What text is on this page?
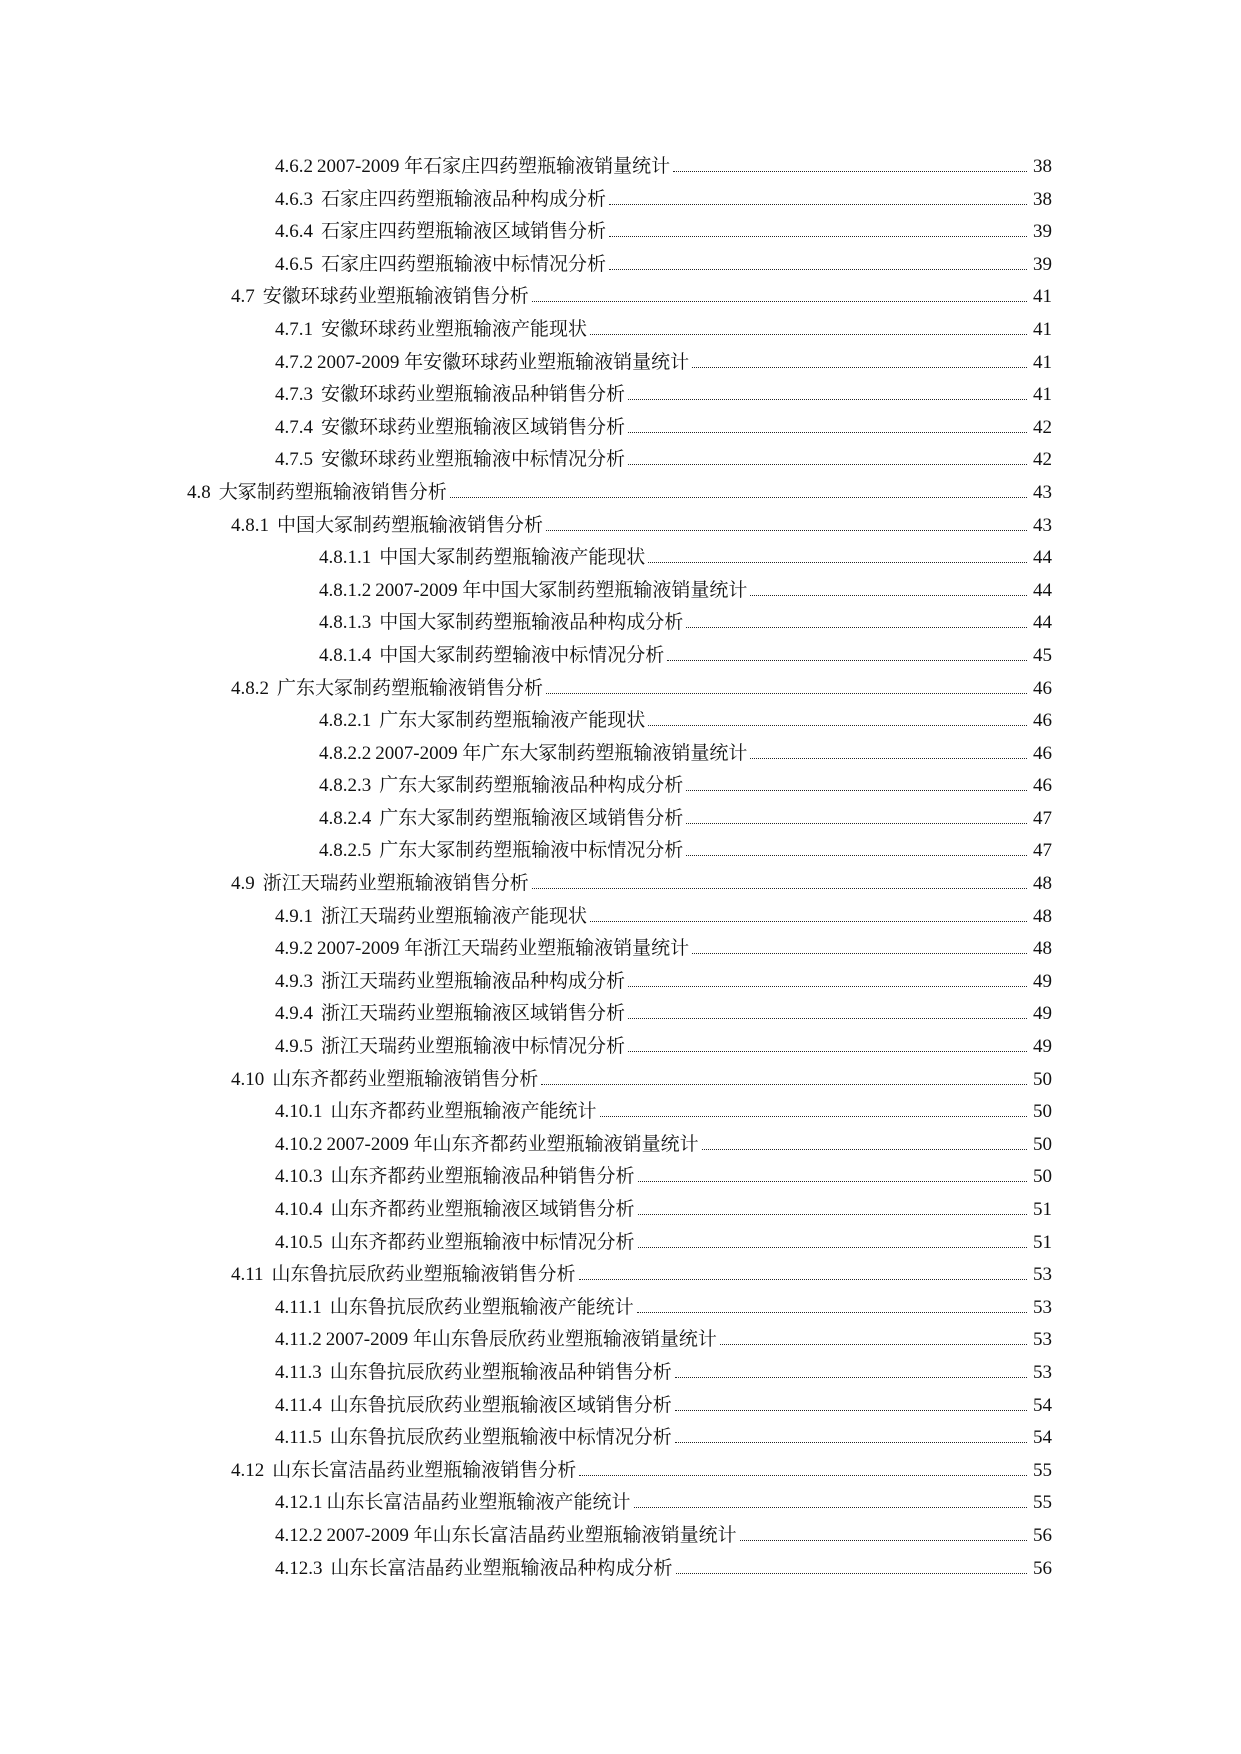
4.6.2 2007-2009 年石家庄四药塑瓶输液销量统计	38
4.6.3 石家庄四药塑瓶输液品种构成分析	38
4.6.4 石家庄四药塑瓶输液区域销售分析	39
4.6.5 石家庄四药塑瓶输液中标情况分析	39
4.7 安徽环球药业塑瓶输液销售分析	41
4.7.1 安徽环球药业塑瓶输液产能现状	41
4.7.2 2007-2009 年安徽环球药业塑瓶输液销量统计	41
4.7.3 安徽环球药业塑瓶输液品种销售分析	41
4.7.4 安徽环球药业塑瓶输液区域销售分析	42
4.7.5 安徽环球药业塑瓶输液中标情况分析	42
4.8 大冢制药塑瓶输液销售分析	43
4.8.1 中国大冢制药塑瓶输液销售分析	43
4.8.1.1 中国大冢制药塑瓶输液产能现状	44
4.8.1.2 2007-2009 年中国大冢制药塑瓶输液销量统计	44
4.8.1.3 中国大冢制药塑瓶输液品种构成分析	44
4.8.1.4 中国大冢制药塑输液中标情况分析	45
4.8.2 广东大冢制药塑瓶输液销售分析	46
4.8.2.1 广东大冢制药塑瓶输液产能现状	46
4.8.2.2 2007-2009 年广东大冢制药塑瓶输液销量统计	46
4.8.2.3 广东大冢制药塑瓶输液品种构成分析	46
4.8.2.4 广东大冢制药塑瓶输液区域销售分析	47
4.8.2.5 广东大冢制药塑瓶输液中标情况分析	47
4.9 浙江天瑞药业塑瓶输液销售分析	48
4.9.1 浙江天瑞药业塑瓶输液产能现状	48
4.9.2 2007-2009 年浙江天瑞药业塑瓶输液销量统计	48
4.9.3 浙江天瑞药业塑瓶输液品种构成分析	49
4.9.4 浙江天瑞药业塑瓶输液区域销售分析	49
4.9.5 浙江天瑞药业塑瓶输液中标情况分析	49
4.10 山东齐都药业塑瓶输液销售分析	50
4.10.1 山东齐都药业塑瓶输液产能统计	50
4.10.2 2007-2009 年山东齐都药业塑瓶输液销量统计	50
4.10.3 山东齐都药业塑瓶输液品种销售分析	50
4.10.4 山东齐都药业塑瓶输液区域销售分析	51
4.10.5 山东齐都药业塑瓶输液中标情况分析	51
4.11 山东鲁抗辰欣药业塑瓶输液销售分析	53
4.11.1 山东鲁抗辰欣药业塑瓶输液产能统计	53
4.11.2 2007-2009 年山东鲁辰欣药业塑瓶输液销量统计	53
4.11.3 山东鲁抗辰欣药业塑瓶输液品种销售分析	53
4.11.4 山东鲁抗辰欣药业塑瓶输液区域销售分析	54
4.11.5 山东鲁抗辰欣药业塑瓶输液中标情况分析	54
4.12 山东长富洁晶药业塑瓶输液销售分析	55
4.12.1 山东长富洁晶药业塑瓶输液产能统计	55
4.12.2 2007-2009 年山东长富洁晶药业塑瓶输液销量统计	56
4.12.3 山东长富洁晶药业塑瓶输液品种构成分析	56
